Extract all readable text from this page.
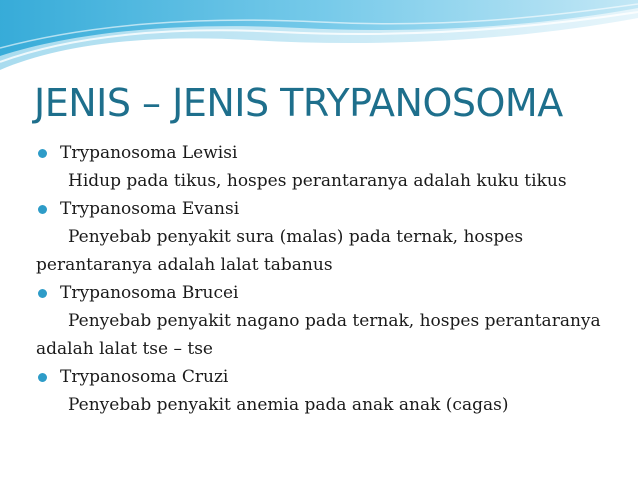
JENIS – JENIS TRYPANOSOMA
Trypanosoma Lewisi
Hidup pada tikus, hospes perantaranya adalah kuku tikus
Trypanosoma Evansi
Penyebab penyakit sura (malas) pada ternak, hospes perantaranya adalah lalat tabanus
Trypanosoma Brucei
Penyebab penyakit nagano pada ternak, hospes perantaranya adalah lalat tse – tse
Trypanosoma Cruzi
Penyebab penyakit anemia pada anak anak (cagas)
